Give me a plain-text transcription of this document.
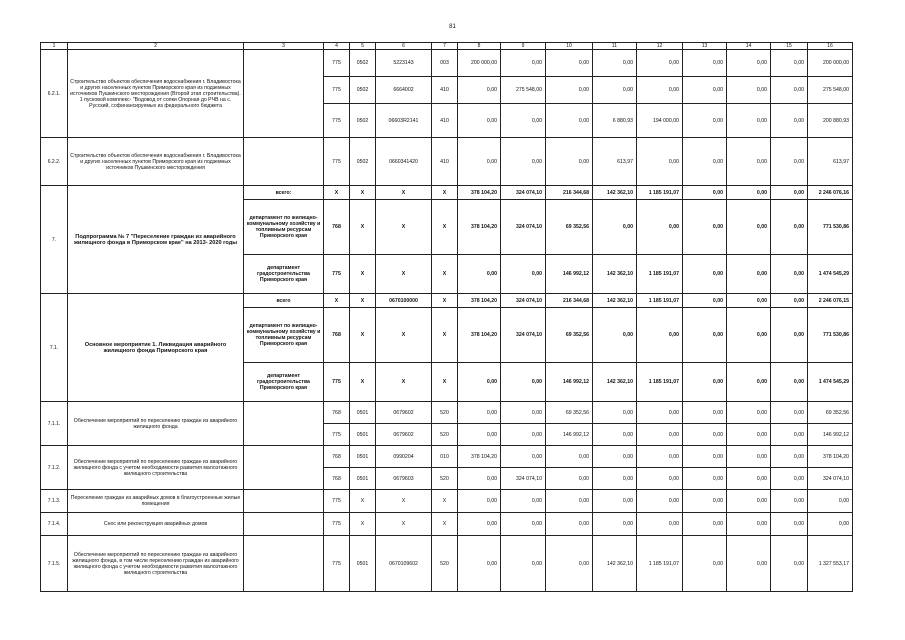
81
1	2	3	4	5	6	7	8	9	10	11	12	13	14	15	16
6.2.1.	Строительство объектов обеспечения водоснабжения г. Владивостока и других населенных пунктов Приморского края из подземных источников Пушкинского месторождения (Второй этап строительства). 1 пусковой комплекс- "Водовод от сопки Опорная до РЧВ на с. Русский, софинансируемых из федерального бюджета		775	0502	5223143	003	200 000,00	0,00	0,00	0,00	0,00	0,00	0,00	0,00	200 000,00
			775	0502	6664002	410	0,00	275 548,00	0,00	0,00	0,00	0,00	0,00	0,00	275 548,00
			775	0502	06603R2141	410	0,00	0,00	0,00	6 880,93	194 000,00	0,00	0,00	0,00	200 880,93
6.2.2.	Строительство объектов обеспечения водоснабжения г. Владивостока и других населенных пунктов Приморского края из подземных источников Пушкинского месторождения		775	0502	0660341420	410	0,00	0,00	0,00	613,97	0,00	0,00	0,00	0,00	613,97
7.	Подпрограмма № 7 "Переселение граждан из аварийного жилищного фонда в Приморском крае" на 2013- 2020 годы	всего:	X	X	X	X	378 104,20	324 074,10	216 344,68	142 362,10	1 185 191,07	0,00	0,00	0,00	2 246 076,16
		департамент по жилищно-коммунальному хозяйству и топливным ресурсам Приморского края	768	X	X	X	378 104,20	324 074,10	69 352,56	0,00	0,00	0,00	0,00	0,00	771 530,86
		департамент градостроительства Приморского края	775	X	X	X	0,00	0,00	146 992,12	142 362,10	1 185 191,07	0,00	0,00	0,00	1 474 545,29
7.1.	Основное мероприятие 1. Ликвидация аварийного жилищного фонда Приморского края	всего	X	X	0670100000	X	378 104,20	324 074,10	216 344,68	142 362,10	1 185 191,07	0,00	0,00	0,00	2 246 076,15
		департамент по жилищно-коммунальному хозяйству и топливным ресурсам Приморского края	768	X	X	X	378 104,20	324 074,10	69 352,56	0,00	0,00	0,00	0,00	0,00	771 530,86
		департамент градостроительства Приморского края	775	X	X	X	0,00	0,00	146 992,12	142 362,10	1 185 191,07	0,00	0,00	0,00	1 474 545,29
7.1.1.	Обеспечение мероприятий по переселению граждан из аварийного жилищного фонда		768	0501	0679602	520	0,00	0,00	69 352,56	0,00	0,00	0,00	0,00	0,00	69 352,56
			775	0501	0679602	520	0,00	0,00	146 992,12	0,00	0,00	0,00	0,00	0,00	146 992,12
7.1.2.	Обеспечение мероприятий по переселению граждан из аварийного жилищного фонда с учетом необходимости развития малоэтажного жилищного строительства		768	0501	0990204	010	378 104,20	0,00	0,00	0,00	0,00	0,00	0,00	0,00	378 104,20
			768	0501	0679603	520	0,00	324 074,10	0,00	0,00	0,00	0,00	0,00	0,00	324 074,10
7.1.3.	Переселение граждан из аварийных домов в благоустроенные жилые помещения		775	X	X	X	0,00	0,00	0,00	0,00	0,00	0,00	0,00	0,00	0,00
7.1.4.	Снос или реконструкция аварийных домов		775	X	X	X	0,00	0,00	0,00	0,00	0,00	0,00	0,00	0,00	0,00
7.1.5.	Обеспечение мероприятий по переселению граждан из аварийного жилищного фонда, в том числе переселению граждан из аварийного жилищного фонда с учетом необходимости развития малоэтажного жилищного строительства		775	0501	0670109602	520	0,00	0,00	0,00	142 362,10	1 185 191,07	0,00	0,00	0,00	1 327 553,17
